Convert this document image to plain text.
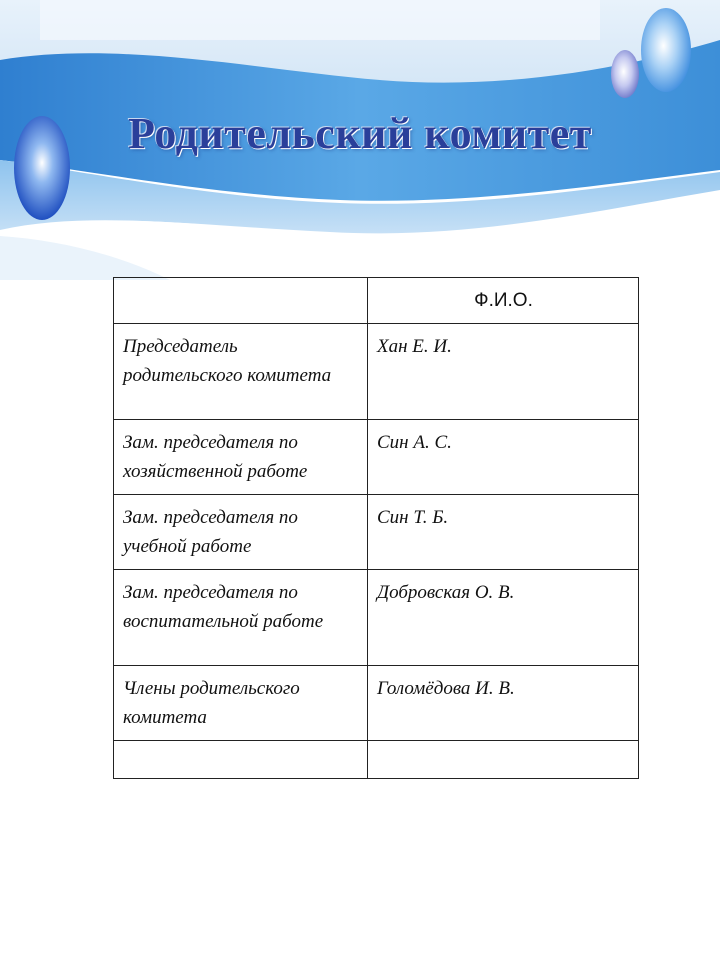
Родительский комитет
	Ф.И.О.
Председатель родительского комитета	Хан Е. И.
Зам. председателя по хозяйственной работе	Син А. С.
Зам. председателя по учебной работе	Син Т. Б.
Зам. председателя по воспитательной работе	Добровская О. В.
Члены родительского комитета	Голомёдова И. В.
